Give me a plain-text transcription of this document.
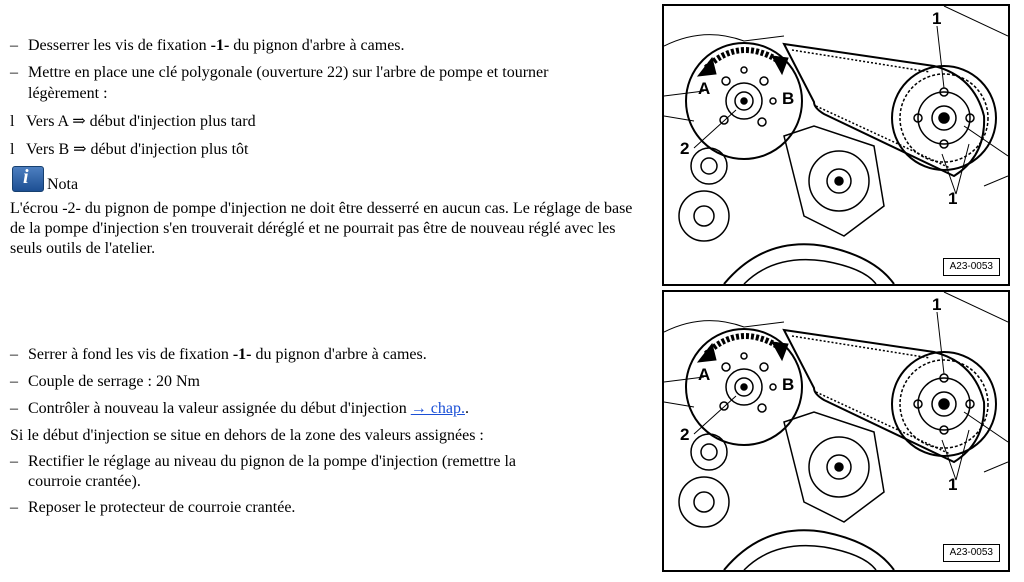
– Desserrer les vis de fixation -1- du pignon d'arbre à cames.
– Mettre en place une clé polygonale (ouverture 22) sur l'arbre de pompe et tourner
légèrement :
l Vers A ⇒ début d'injection plus tard
l Vers B ⇒ début d'injection plus tôt
i Nota
L'écrou -2- du pignon de pompe d'injection ne doit être desserré en aucun cas. Le réglage de base de la pompe d'injection s'en trouverait déréglé et ne pourrait pas être de nouveau réglé avec les seuls outils de l'atelier.
– Serrer à fond les vis de fixation -1- du pignon d'arbre à cames.
– Couple de serrage : 20 Nm
– Contrôler à nouveau la valeur assignée du début d'injection → chap..
Si le début d'injection se situe en dehors de la zone des valeurs assignées :
– Rectifier le réglage au niveau du pignon de la pompe d'injection (remettre la
courroie crantée).
– Reposer le protecteur de courroie crantée.
1
1
2
A
B
A23-0053
1
1
2
A
B
A23-0053
